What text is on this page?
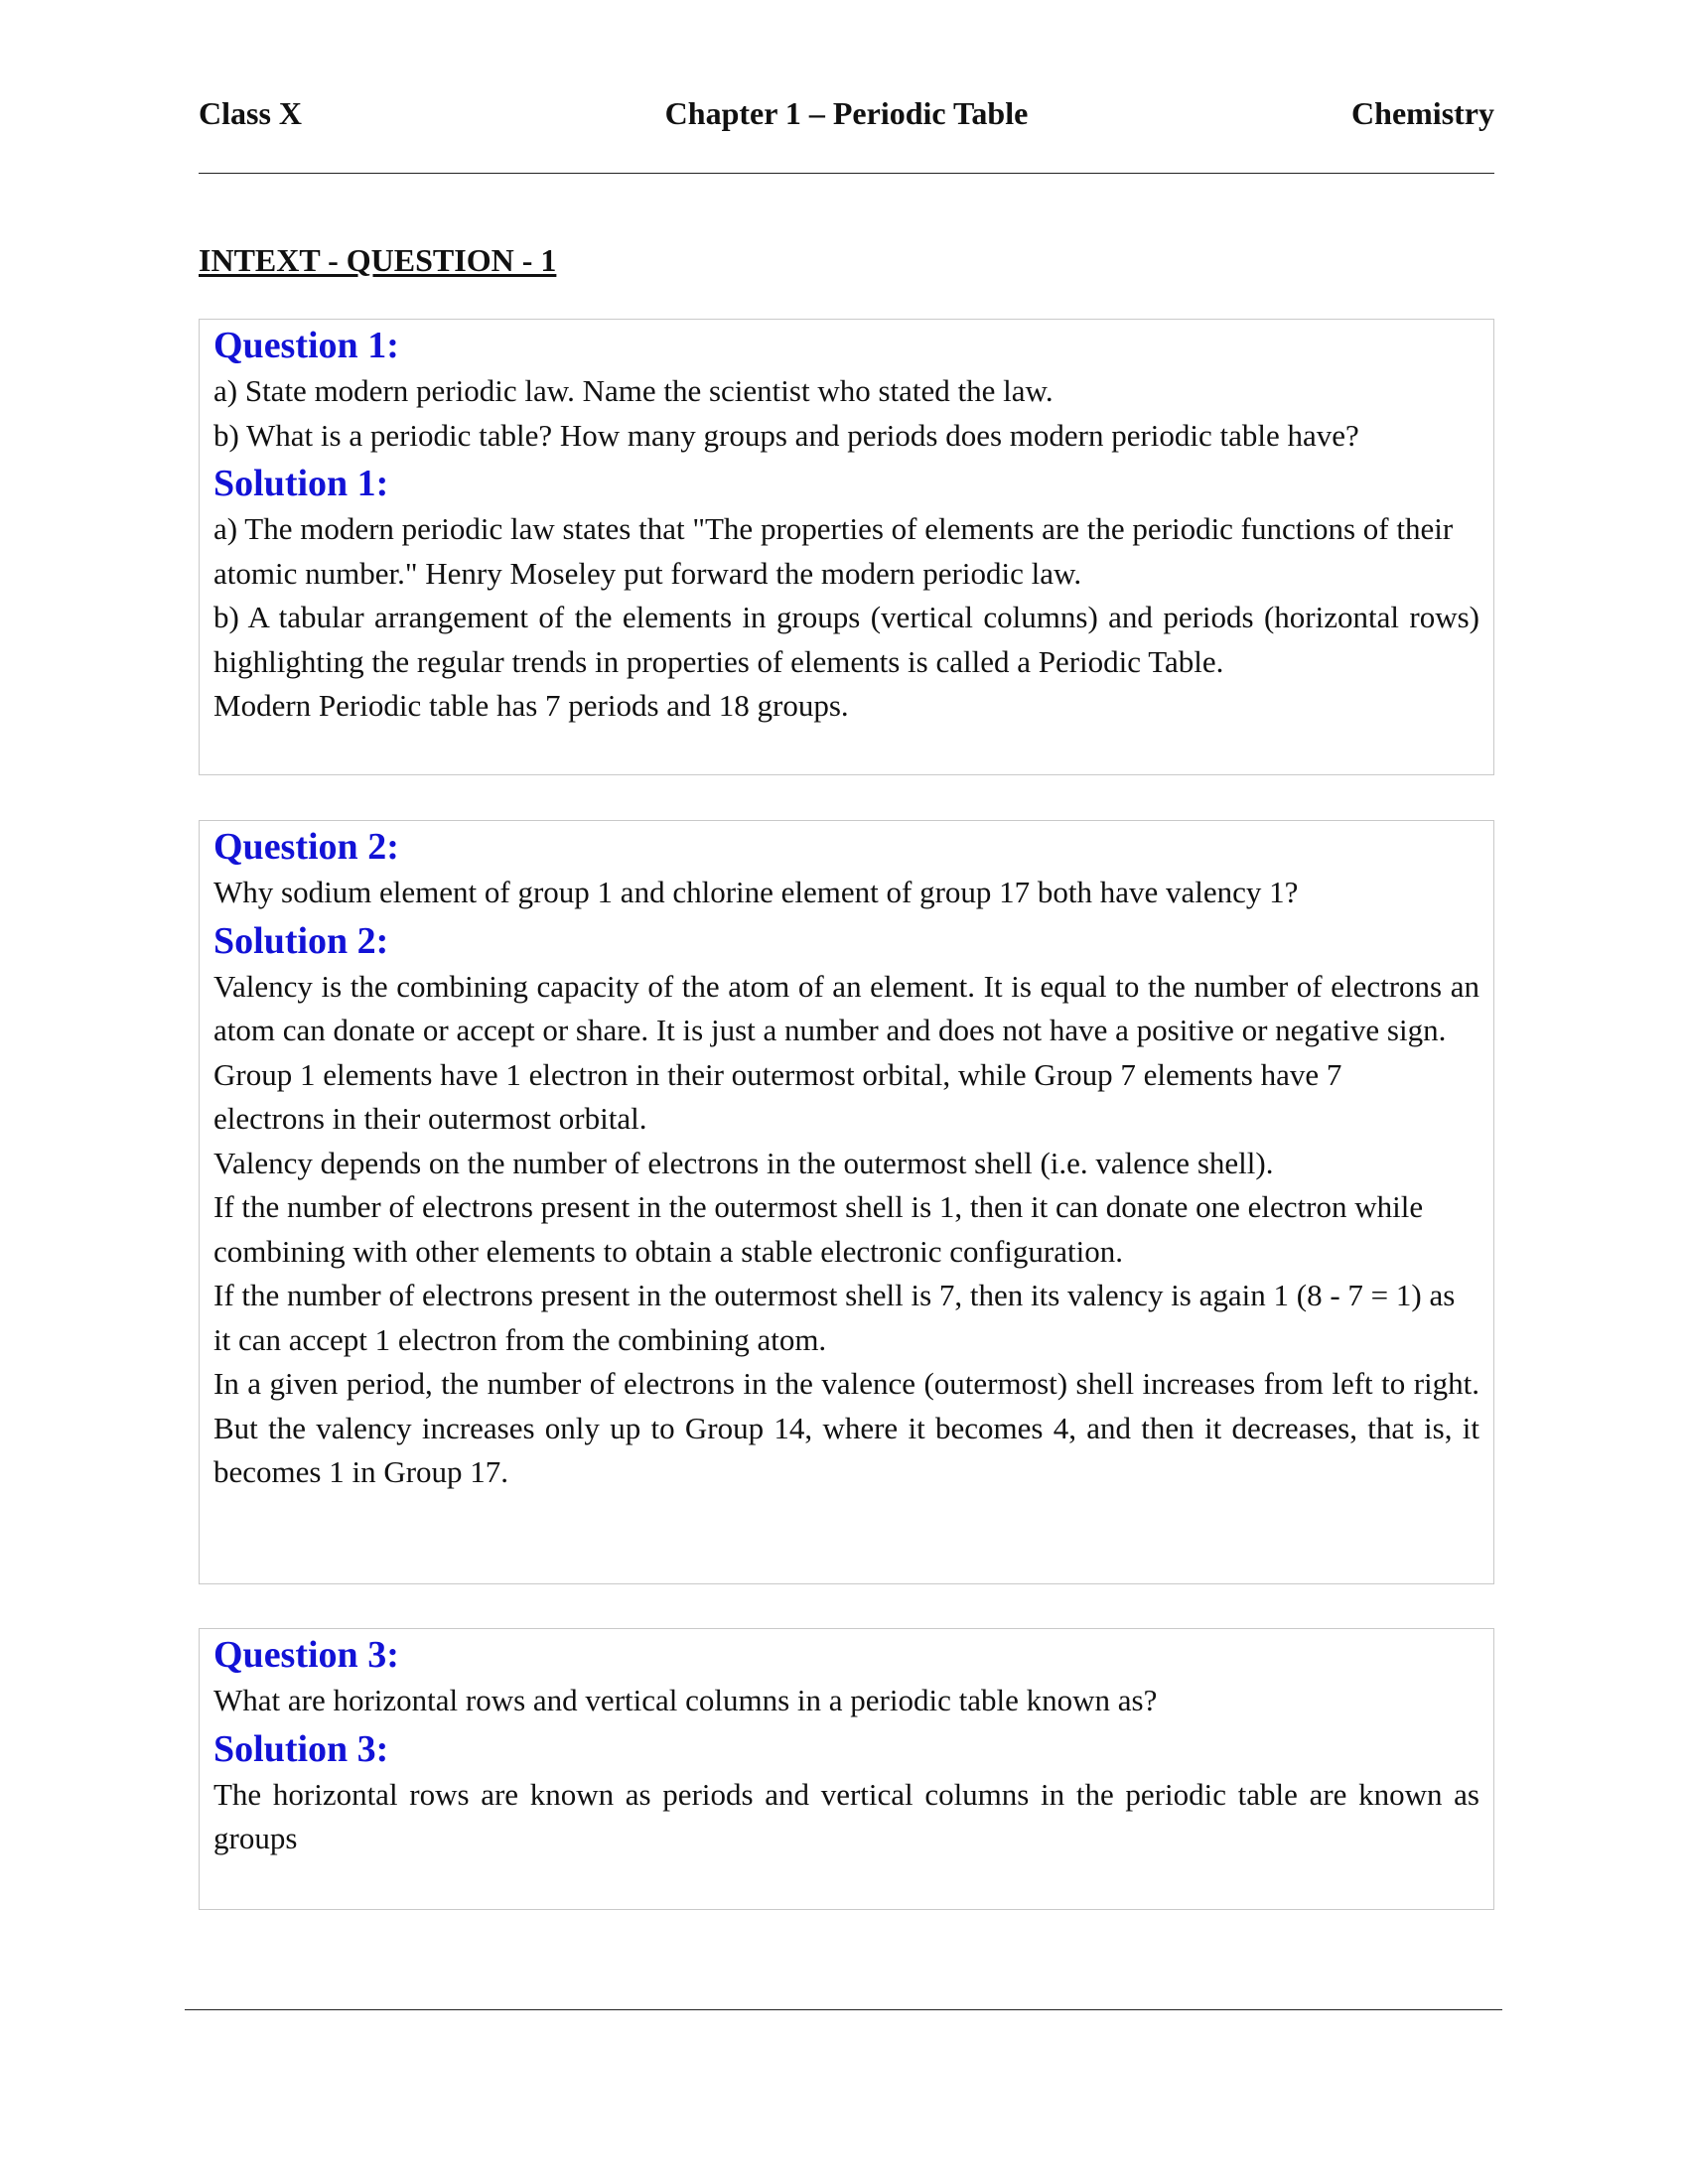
Class X	Chapter 1 – Periodic Table	Chemistry
INTEXT - QUESTION - 1
Question 1:

a) State modern periodic law. Name the scientist who stated the law.

b) What is a periodic table? How many groups and periods does modern periodic table have?

Solution 1:

a) The modern periodic law states that "The properties of elements are the periodic functions of their atomic number." Henry Moseley put forward the modern periodic law.

b) A tabular arrangement of the elements in groups (vertical columns) and periods (horizontal rows) highlighting the regular trends in properties of elements is called a Periodic Table.

Modern Periodic table has 7 periods and 18 groups.

Question 2:

Why sodium element of group 1 and chlorine element of group 17 both have valency 1?

Solution 2:

Valency is the combining capacity of the atom of an element. It is equal to the number of electrons an atom can donate or accept or share. It is just a number and does not have a positive or negative sign.

Group 1 elements have 1 electron in their outermost orbital, while Group 7 elements have 7 electrons in their outermost orbital.

Valency depends on the number of electrons in the outermost shell (i.e. valence shell).

If the number of electrons present in the outermost shell is 1, then it can donate one electron while combining with other elements to obtain a stable electronic configuration.

If the number of electrons present in the outermost shell is 7, then its valency is again 1 (8 - 7 = 1) as it can accept 1 electron from the combining atom.

In a given period, the number of electrons in the valence (outermost) shell increases from left to right. But the valency increases only up to Group 14, where it becomes 4, and then it decreases, that is, it becomes 1 in Group 17.

Question 3:

What are horizontal rows and vertical columns in a periodic table known as?

Solution 3:

The horizontal rows are known as periods and vertical columns in the periodic table are known as groups
